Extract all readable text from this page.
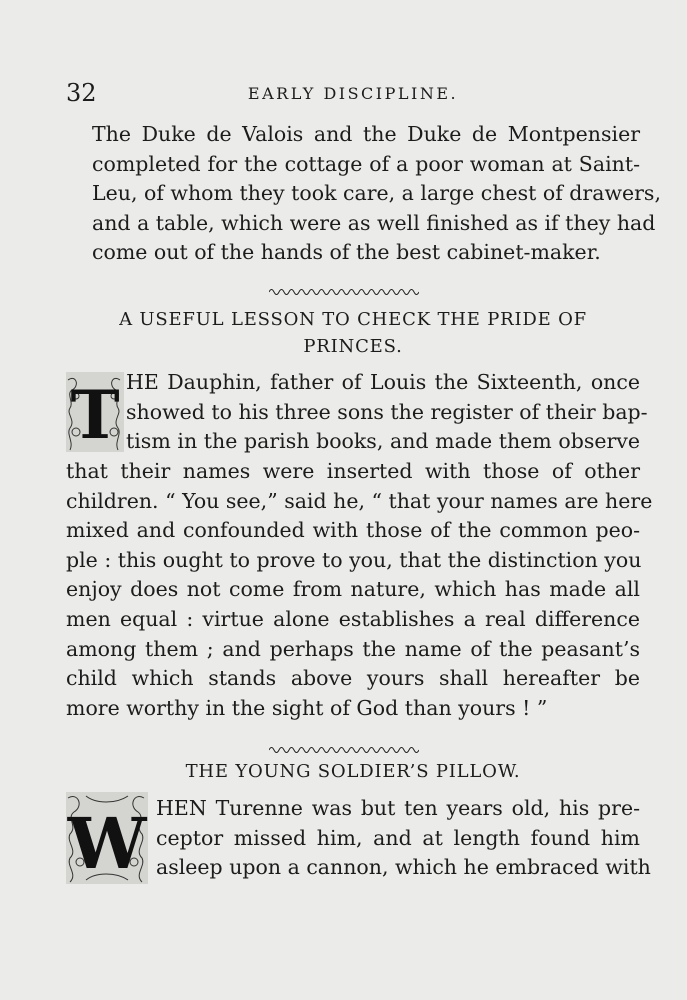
32	EARLY DISCIPLINE.
The Duke de Valois and the Duke de Montpensier
completed for the cottage of a poor woman at Saint-
Leu, of whom they took care, a large chest of drawers,
and a table, which were as well finished as if they had
come out of the hands of the best cabinet-maker.
A USEFUL LESSON TO CHECK THE PRIDE OF
PRINCES.
T HE Dauphin, father of Louis the Sixteenth, once
showed to his three sons the register of their bap-
tism in the parish books, and made them observe
that their names were inserted with those of other
children. “ You see,” said he, “ that your names are here
mixed and confounded with those of the common peo-
ple : this ought to prove to you, that the distinction you
enjoy does not come from nature, which has made all
men equal : virtue alone establishes a real difference
among them ; and perhaps the name of the peasant’s
child which stands above yours shall hereafter be
more worthy in the sight of God than yours ! ”
THE YOUNG SOLDIER’S PILLOW.
W HEN Turenne was but ten years old, his pre-
ceptor missed him, and at length found him
asleep upon a cannon, which he embraced with
